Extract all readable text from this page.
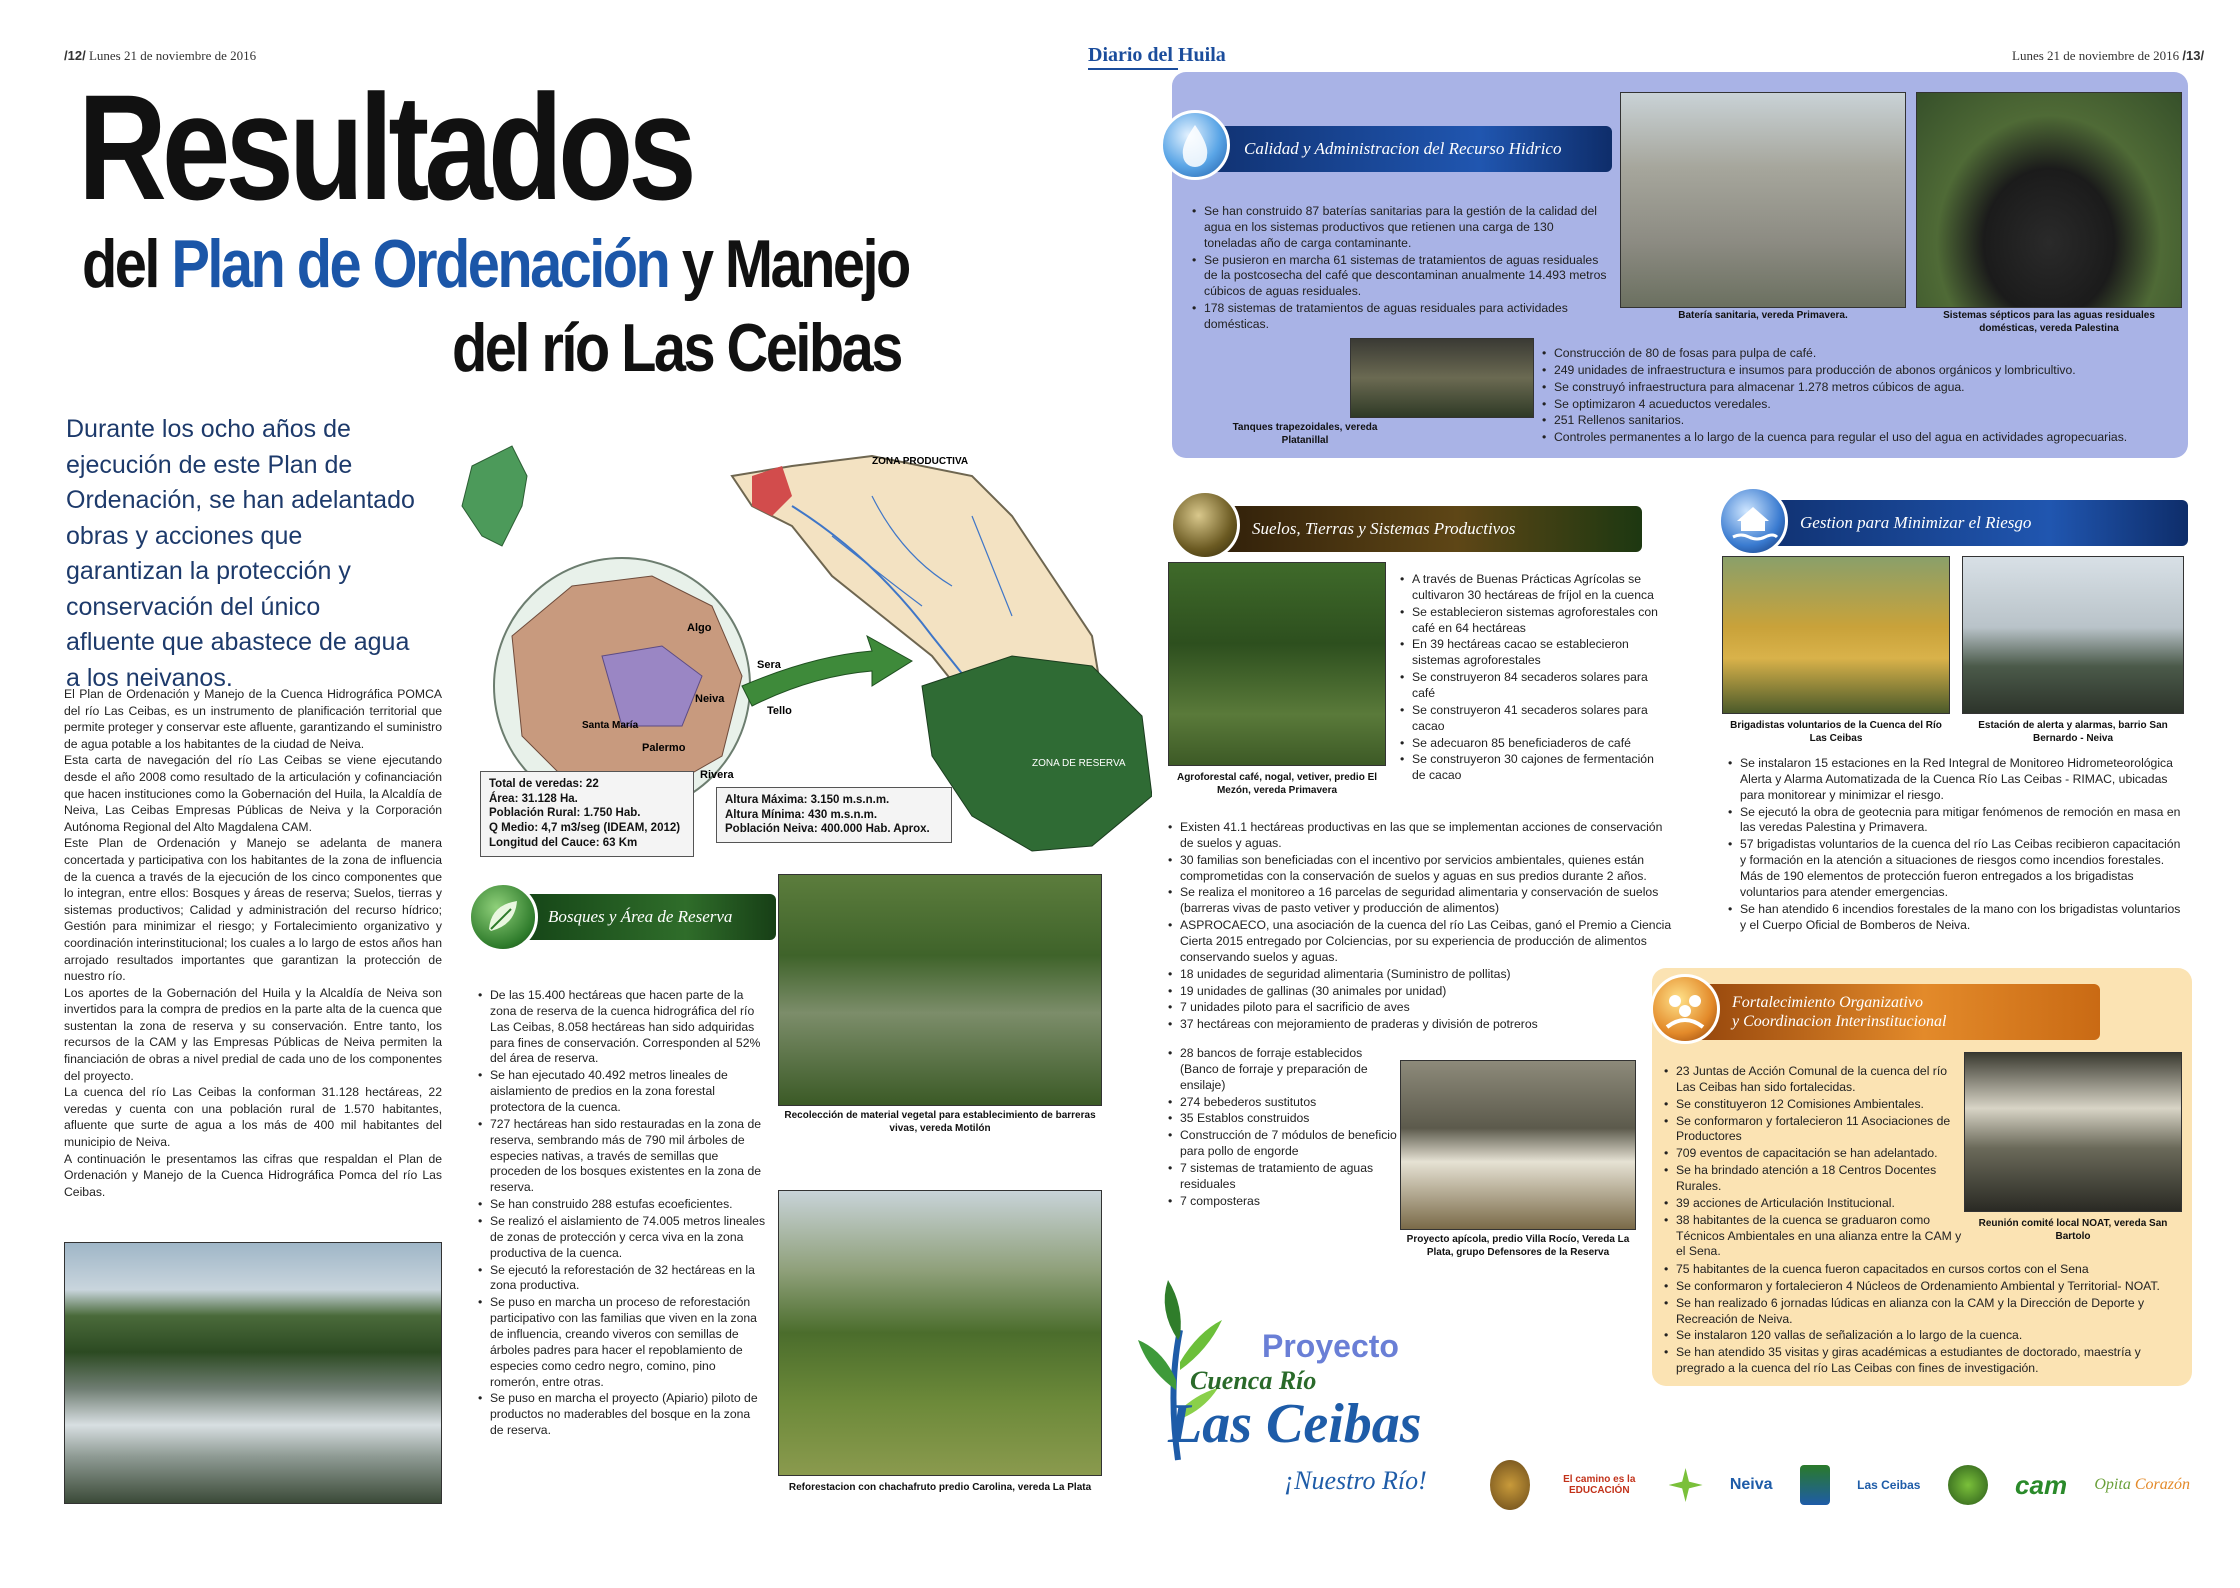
/12/ Lunes 21 de noviembre de 2016	Diario del Huila	Lunes 21 de noviembre de 2016 /13/
Resultados
del Plan de Ordenación y Manejo
del río Las Ceibas
Durante los ocho años de ejecución de este Plan de Ordenación, se han adelantado obras y acciones que garantizan la protección y conservación del único afluente que abastece de agua a los neivanos.

El Plan de Ordenación y Manejo de la Cuenca Hidrográfica POMCA del río Las Ceibas, es un instrumento de planificación territorial que permite proteger y conservar este afluente, garantizando el suministro de agua potable a los habitantes de la ciudad de Neiva.

Esta carta de navegación del río Las Ceibas se viene ejecutando desde el año 2008 como resultado de la articulación y cofinanciación que hacen instituciones como la Gobernación del Huila, la Alcaldía de Neiva, Las Ceibas Empresas Públicas de Neiva y la Corporación Autónoma Regional del Alto Magdalena CAM.

Este Plan de Ordenación y Manejo se adelanta de manera concertada y participativa con los habitantes de la zona de influencia de la cuenca a través de la ejecución de los cinco componentes que lo integran, entre ellos: Bosques y áreas de reserva; Suelos, tierras y sistemas productivos; Calidad y administración del recurso hídrico; Gestión para minimizar el riesgo; y Fortalecimiento organizativo y coordinación interinstitucional; los cuales a lo largo de estos años han arrojado resultados importantes que garantizan la protección de nuestro río.

Los aportes de la Gobernación del Huila y la Alcaldía de Neiva son invertidos para la compra de predios en la parte alta de la cuenca que sustentan la zona de reserva y su conservación. Entre tanto, los recursos de la CAM y las Empresas Públicas de Neiva permiten la financiación de obras a nivel predial de cada uno de los componentes del proyecto.

La cuenca del río Las Ceibas la conforman 31.128 hectáreas, 22 veredas y cuenta con una población rural de 1.570 habitantes, afluente que surte de agua a los más de 400 mil habitantes del municipio de Neiva.

A continuación le presentamos las cifras que respaldan el Plan de Ordenación y Manejo de la Cuenca Hidrográfica Pomca del río Las Ceibas.

Algo
Sera
Tello
Neiva
Palermo
Rivera
Santa María
ZONA PRODUCTIVA
ZONA DE RESERVA
Total de veredas: 22
Área: 31.128 Ha.
Población Rural: 1.750 Hab.
Q Medio: 4,7 m3/seg (IDEAM, 2012)
Longitud del Cauce: 63 Km
Altura Máxima: 3.150 m.s.n.m.
Altura Mínima: 430 m.s.n.m.
Población Neiva: 400.000 Hab. Aprox.
Bosques y Área de Reserva
• De las 15.400 hectáreas que hacen parte de la zona de reserva de la cuenca hidrográfica del río Las Ceibas, 8.058 hectáreas han sido adquiridas para fines de conservación. Corresponden al 52% del área de reserva.
• Se han ejecutado 40.492 metros lineales de aislamiento de predios en la zona forestal protectora de la cuenca.
• 727 hectáreas han sido restauradas en la zona de reserva, sembrando más de 790 mil árboles de especies nativas, a través de semillas que proceden de los bosques existentes en la zona de reserva.
• Se han construido 288 estufas ecoeficientes.
• Se realizó el aislamiento de 74.005 metros lineales de zonas de protección y cerca viva en la zona productiva de la cuenca.
• Se ejecutó la reforestación de 32 hectáreas en la zona productiva.
• Se puso en marcha un proceso de reforestación participativo con las familias que viven en la zona de influencia, creando viveros con semillas de árboles padres para hacer el repoblamiento de especies como cedro negro, comino, pino romerón, entre otras.
• Se puso en marcha el proyecto (Apiario) piloto de productos no maderables del bosque en la zona de reserva.
Recolección de material vegetal para establecimiento de barreras vivas, vereda Motilón
Reforestacion con chachafruto predio Carolina, vereda La Plata
Calidad y Administracion del Recurso Hidrico
• Se han construido 87 baterías sanitarias para la gestión de la calidad del agua en los sistemas productivos que retienen una carga de 130 toneladas año de carga contaminante.
• Se pusieron en marcha 61 sistemas de tratamientos de aguas residuales de la postcosecha del café que descontaminan anualmente 14.493 metros cúbicos de aguas residuales.
• 178 sistemas de tratamientos de aguas residuales para actividades domésticas.
Batería sanitaria, vereda Primavera.	Sistemas sépticos para las aguas residuales domésticas, vereda Palestina
Tanques trapezoidales, vereda Platanillal
• Construcción de 80 de fosas para pulpa de café.
• 249 unidades de infraestructura e insumos para producción de abonos orgánicos y lombricultivo.
• Se construyó infraestructura para almacenar 1.278 metros cúbicos de agua.
• Se optimizaron 4 acueductos veredales.
• 251 Rellenos sanitarios.
• Controles permanentes a lo largo de la cuenca para regular el uso del agua en actividades agropecuarias.
Suelos, Tierras y Sistemas Productivos
Agroforestal café, nogal, vetiver, predio El Mezón, vereda Primavera
• A través de Buenas Prácticas Agrícolas se cultivaron 30 hectáreas de fríjol en la cuenca
• Se establecieron sistemas agroforestales con café en 64 hectáreas
• En 39 hectáreas cacao se establecieron sistemas agroforestales
• Se construyeron 84 secaderos solares para café
• Se construyeron 41 secaderos solares para cacao
• Se adecuaron 85 beneficiaderos de café
• Se construyeron 30 cajones de fermentación de cacao
• Existen 41.1 hectáreas productivas en las que se implementan acciones de conservación de suelos y aguas.
• 30 familias son beneficiadas con el incentivo por servicios ambientales, quienes están comprometidas con la conservación de suelos y aguas en sus predios durante 2 años.
• Se realiza el monitoreo a 16 parcelas de seguridad alimentaria y conservación de suelos (barreras vivas de pasto vetiver y producción de alimentos)
• ASPROCAECO, una asociación de la cuenca del río Las Ceibas, ganó el Premio a Ciencia Cierta 2015 entregado por Colciencias, por su experiencia de producción de alimentos conservando suelos y aguas.
• 18 unidades de seguridad alimentaria (Suministro de pollitas)
• 19 unidades de gallinas (30 animales por unidad)
• 7 unidades piloto para el sacrificio de aves
• 37 hectáreas con mejoramiento de praderas y división de potreros
• 28 bancos de forraje establecidos (Banco de forraje y preparación de ensilaje)
• 274 bebederos sustitutos
• 35 Establos construidos
• Construcción de 7 módulos de beneficio para pollo de engorde
• 7 sistemas de tratamiento de aguas residuales
• 7 composteras
Proyecto apícola, predio Villa Rocío, Vereda La Plata, grupo Defensores de la Reserva
Gestion para Minimizar el Riesgo
Brigadistas voluntarios de la Cuenca del Río Las Ceibas
Estación de alerta y alarmas, barrio San Bernardo - Neiva
• Se instalaron 15 estaciones en la Red Integral de Monitoreo Hidrometeorológica Alerta y Alarma Automatizada de la Cuenca Río Las Ceibas - RIMAC, ubicadas para monitorear y minimizar el riesgo.
• Se ejecutó la obra de geotecnia para mitigar fenómenos de remoción en masa en las veredas Palestina y Primavera.
• 57 brigadistas voluntarios de la cuenca del río Las Ceibas recibieron capacitación y formación en la atención a situaciones de riesgos como incendios forestales. Más de 190 elementos de protección fueron entregados a los brigadistas voluntarios para atender emergencias.
• Se han atendido 6 incendios forestales de la mano con los brigadistas voluntarios y el Cuerpo Oficial de Bomberos de Neiva.
Fortalecimiento Organizativo
y Coordinacion Interinstitucional
• 23 Juntas de Acción Comunal de la cuenca del río Las Ceibas han sido fortalecidas.
• Se constituyeron 12 Comisiones Ambientales.
• Se conformaron y fortalecieron 11 Asociaciones de Productores
• 709 eventos de capacitación se han adelantado.
• Se ha brindado atención a 18 Centros Docentes Rurales.
• 39 acciones de Articulación Institucional.
• 38 habitantes de la cuenca se graduaron como Técnicos Ambientales en una alianza entre la CAM y el Sena.
Reunión comité local NOAT, vereda San Bartolo
• 75 habitantes de la cuenca fueron capacitados en cursos cortos con el Sena
• Se conformaron y fortalecieron 4 Núcleos de Ordenamiento Ambiental y Territorial- NOAT.
• Se han realizado 6 jornadas lúdicas en alianza con la CAM y la Dirección de Deporte y Recreación de Neiva.
• Se instalaron 120 vallas de señalización a lo largo de la cuenca.
• Se han atendido 35 visitas y giras académicas a estudiantes de doctorado, maestría y pregrado a la cuenca del río Las Ceibas con fines de investigación.
Proyecto
Cuenca Río
Las Ceibas
¡Nuestro Río!	El camino es la EDUCACIÓN	Neiva	Las Ceibas	cam Opita Corazón
